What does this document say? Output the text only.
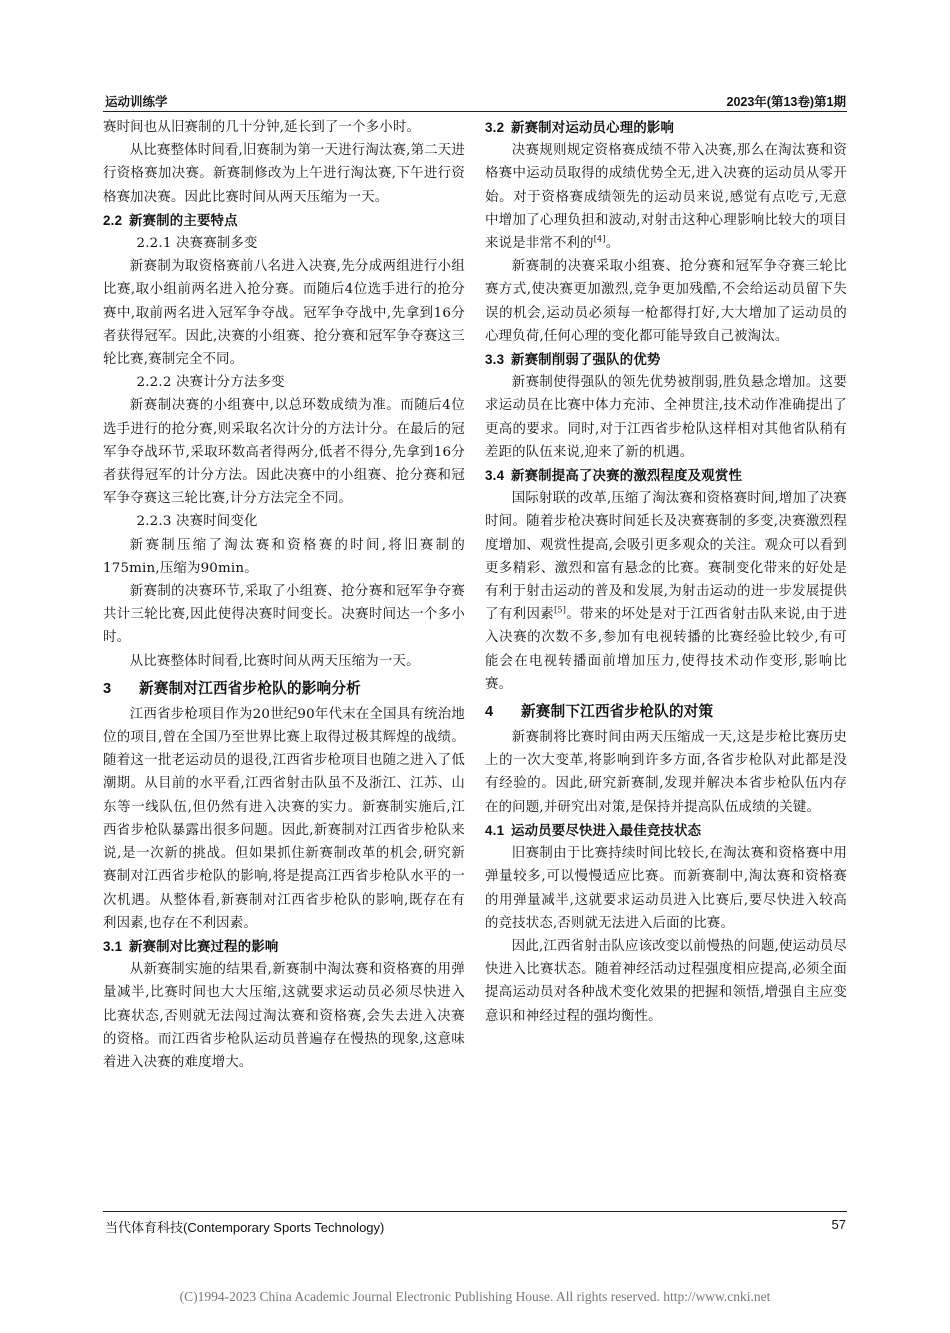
运动训练学	2023年(第13卷)第1期

赛时间也从旧赛制的几十分钟,延长到了一个多小时。

从比赛整体时间看,旧赛制为第一天进行淘汰赛,第二天进行资格赛加决赛。新赛制修改为上午进行淘汰赛,下午进行资格赛加决赛。因此比赛时间从两天压缩为一天。

2.2 新赛制的主要特点
2.2.1 决赛赛制多变

新赛制为取资格赛前八名进入决赛,先分成两组进行小组比赛,取小组前两名进入抢分赛。而随后4位选手进行的抢分赛中,取前两名进入冠军争夺战。冠军争夺战中,先拿到16分者获得冠军。因此,决赛的小组赛、抢分赛和冠军争夺赛这三轮比赛,赛制完全不同。

2.2.2 决赛计分方法多变

新赛制决赛的小组赛中,以总环数成绩为准。而随后4位选手进行的抢分赛,则采取名次计分的方法计分。在最后的冠军争夺战环节,采取环数高者得两分,低者不得分,先拿到16分者获得冠军的计分方法。因此决赛中的小组赛、抢分赛和冠军争夺赛这三轮比赛,计分方法完全不同。

2.2.3 决赛时间变化

新赛制压缩了淘汰赛和资格赛的时间,将旧赛制的175min,压缩为90min。

新赛制的决赛环节,采取了小组赛、抢分赛和冠军争夺赛共计三轮比赛,因此使得决赛时间变长。决赛时间达一个多小时。

从比赛整体时间看,比赛时间从两天压缩为一天。

3 新赛制对江西省步枪队的影响分析

江西省步枪项目作为20世纪90年代末在全国具有统治地位的项目,曾在全国乃至世界比赛上取得过极其辉煌的战绩。随着这一批老运动员的退役,江西省步枪项目也随之进入了低潮期。从目前的水平看,江西省射击队虽不及浙江、江苏、山东等一线队伍,但仍然有进入决赛的实力。新赛制实施后,江西省步枪队暴露出很多问题。因此,新赛制对江西省步枪队来说,是一次新的挑战。但如果抓住新赛制改革的机会,研究新赛制对江西省步枪队的影响,将是提高江西省步枪队水平的一次机遇。从整体看,新赛制对江西省步枪队的影响,既存在有利因素,也存在不利因素。

3.1 新赛制对比赛过程的影响

从新赛制实施的结果看,新赛制中淘汰赛和资格赛的用弹量减半,比赛时间也大大压缩,这就要求运动员必须尽快进入比赛状态,否则就无法闯过淘汰赛和资格赛,会失去进入决赛的资格。而江西省步枪队运动员普遍存在慢热的现象,这意味着进入决赛的难度增大。

3.2 新赛制对运动员心理的影响

决赛规则规定资格赛成绩不带入决赛,那么在淘汰赛和资格赛中运动员取得的成绩优势全无,进入决赛的运动员从零开始。对于资格赛成绩领先的运动员来说,感觉有点吃亏,无意中增加了心理负担和波动,对射击这种心理影响比较大的项目来说是非常不利的[4]。

新赛制的决赛采取小组赛、抢分赛和冠军争夺赛三轮比赛方式,使决赛更加激烈,竞争更加残酷,不会给运动员留下失误的机会,运动员必须每一枪都得打好,大大增加了运动员的心理负荷,任何心理的变化都可能导致自己被淘汰。

3.3 新赛制削弱了强队的优势

新赛制使得强队的领先优势被削弱,胜负悬念增加。这要求运动员在比赛中体力充沛、全神贯注,技术动作准确提出了更高的要求。同时,对于江西省步枪队这样相对其他省队稍有差距的队伍来说,迎来了新的机遇。

3.4 新赛制提高了决赛的激烈程度及观赏性

国际射联的改革,压缩了淘汰赛和资格赛时间,增加了决赛时间。随着步枪决赛时间延长及决赛赛制的多变,决赛激烈程度增加、观赏性提高,会吸引更多观众的关注。观众可以看到更多精彩、激烈和富有悬念的比赛。赛制变化带来的好处是有利于射击运动的普及和发展,为射击运动的进一步发展提供了有利因素[5]。带来的坏处是对于江西省射击队来说,由于进入决赛的次数不多,参加有电视转播的比赛经验比较少,有可能会在电视转播面前增加压力,使得技术动作变形,影响比赛。

4 新赛制下江西省步枪队的对策

新赛制将比赛时间由两天压缩成一天,这是步枪比赛历史上的一次大变革,将影响到许多方面,各省步枪队对此都是没有经验的。因此,研究新赛制,发现并解决本省步枪队伍内存在的问题,并研究出对策,是保持并提高队伍成绩的关键。

4.1 运动员要尽快进入最佳竞技状态

旧赛制由于比赛持续时间比较长,在淘汰赛和资格赛中用弹量较多,可以慢慢适应比赛。而新赛制中,淘汰赛和资格赛的用弹量减半,这就要求运动员进入比赛后,要尽快进入较高的竞技状态,否则就无法进入后面的比赛。

因此,江西省射击队应该改变以前慢热的问题,使运动员尽快进入比赛状态。随着神经活动过程强度相应提高,必须全面提高运动员对各种战术变化效果的把握和领悟,增强自主应变意识和神经过程的强均衡性。

当代体育科技(Contemporary Sports Technology)	57
(C)1994-2023 China Academic Journal Electronic Publishing House. All rights reserved. http://www.cnki.net
